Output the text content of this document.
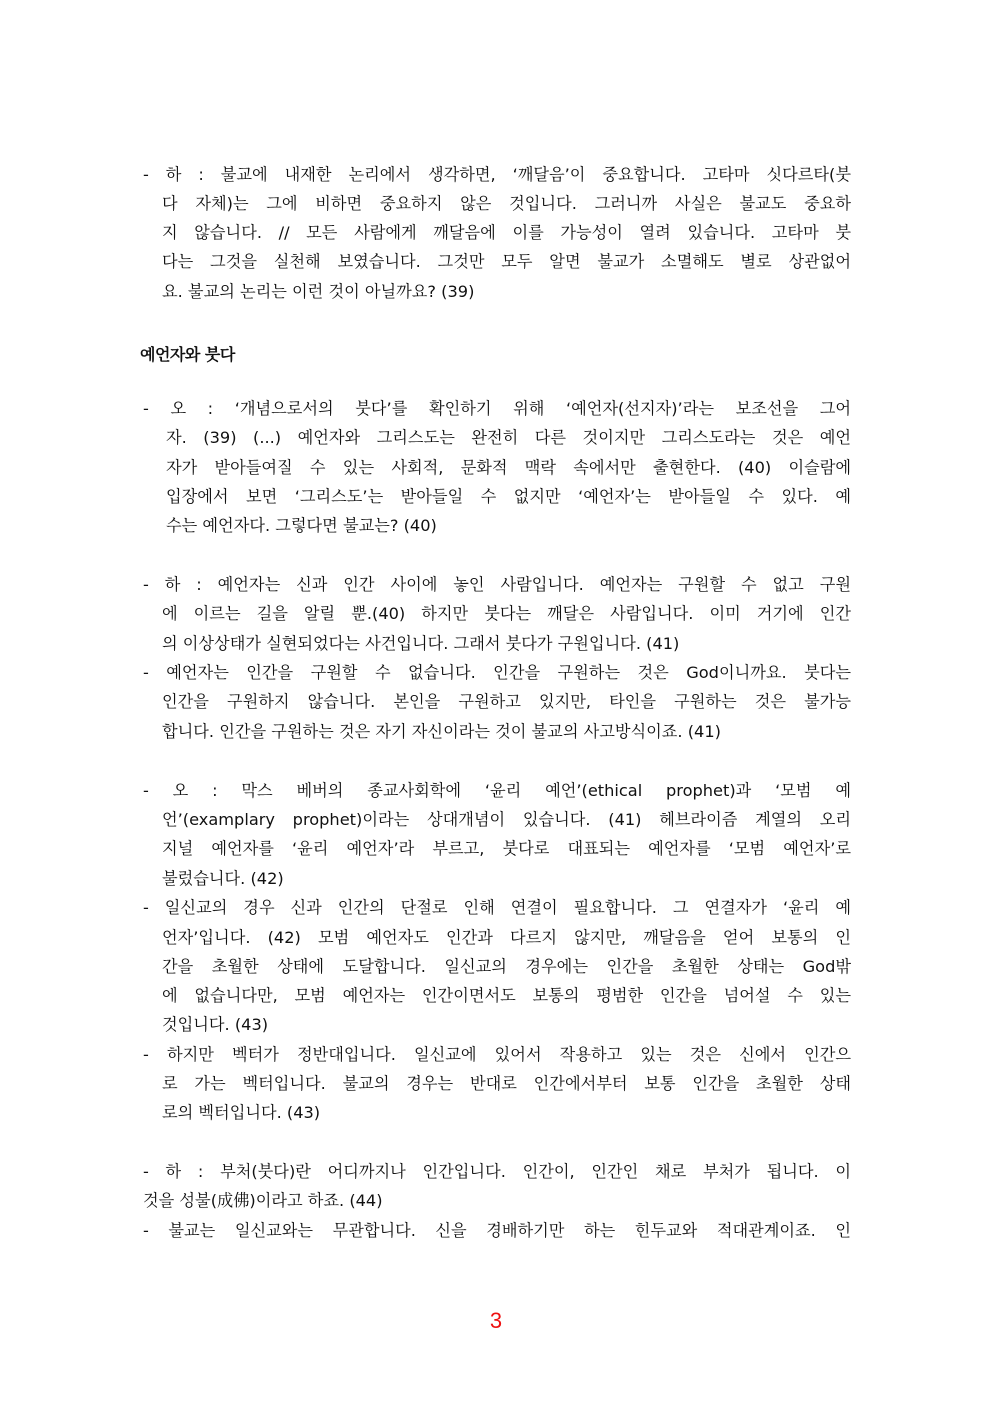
- 하 : 불교에 내재한 논리에서 생각하면, ‘깨달음’이 중요합니다. 고타마 싯다르타(붓
다 자체)는 그에 비하면 중요하지 않은 것입니다. 그러니까 사실은 불교도 중요하
지 않습니다. // 모든 사람에게 깨달음에 이를 가능성이 열려 있습니다. 고타마 붓
다는 그것을 실천해 보였습니다. 그것만 모두 알면 불교가 소멸해도 별로 상관없어
요. 불교의 논리는 이런 것이 아닐까요? (39)
예언자와 붓다
- 오 : ‘개념으로서의 붓다’를 확인하기 위해 ‘예언자(선지자)’라는 보조선을 그어
자. (39) (...) 예언자와 그리스도는 완전히 다른 것이지만 그리스도라는 것은 예언
자가 받아들여질 수 있는 사회적, 문화적 맥락 속에서만 출현한다. (40) 이슬람에
입장에서 보면 ‘그리스도’는 받아들일 수 없지만 ‘예언자’는 받아들일 수 있다. 예
수는 예언자다. 그렇다면 불교는? (40)
- 하 : 예언자는 신과 인간 사이에 놓인 사람입니다. 예언자는 구원할 수 없고 구원
에 이르는 길을 알릴 뿐.(40) 하지만 붓다는 깨달은 사람입니다. 이미 거기에 인간
의 이상상태가 실현되었다는 사건입니다. 그래서 붓다가 구원입니다. (41)
- 예언자는 인간을 구원할 수 없습니다. 인간을 구원하는 것은 God이니까요. 붓다는
인간을 구원하지 않습니다. 본인을 구원하고 있지만, 타인을 구원하는 것은 불가능
합니다. 인간을 구원하는 것은 자기 자신이라는 것이 불교의 사고방식이죠. (41)
- 오 : 막스 베버의 종교사회학에 ‘윤리 예언’(ethical prophet)과 ‘모범 예
언’(examplary prophet)이라는 상대개념이 있습니다. (41) 헤브라이즘 계열의 오리
지널 예언자를 ‘윤리 예언자’라 부르고, 붓다로 대표되는 예언자를 ‘모범 예언자’로
불렀습니다. (42)
- 일신교의 경우 신과 인간의 단절로 인해 연결이 필요합니다. 그 연결자가 ‘윤리 예
언자’입니다. (42) 모범 예언자도 인간과 다르지 않지만, 깨달음을 얻어 보통의 인
간을 초월한 상태에 도달합니다. 일신교의 경우에는 인간을 초월한 상태는 God밖
에 없습니다만, 모범 예언자는 인간이면서도 보통의 평범한 인간을 넘어설 수 있는
것입니다. (43)
- 하지만 벡터가 정반대입니다. 일신교에 있어서 작용하고 있는 것은 신에서 인간으
로 가는 벡터입니다. 불교의 경우는 반대로 인간에서부터 보통 인간을 초월한 상태
로의 벡터입니다. (43)
- 하 : 부처(붓다)란 어디까지나 인간입니다. 인간이, 인간인 채로 부처가 됩니다. 이
것을 성불(成佛)이라고 하죠. (44)
- 불교는 일신교와는 무관합니다. 신을 경배하기만 하는 힌두교와 적대관계이죠. 인
3
